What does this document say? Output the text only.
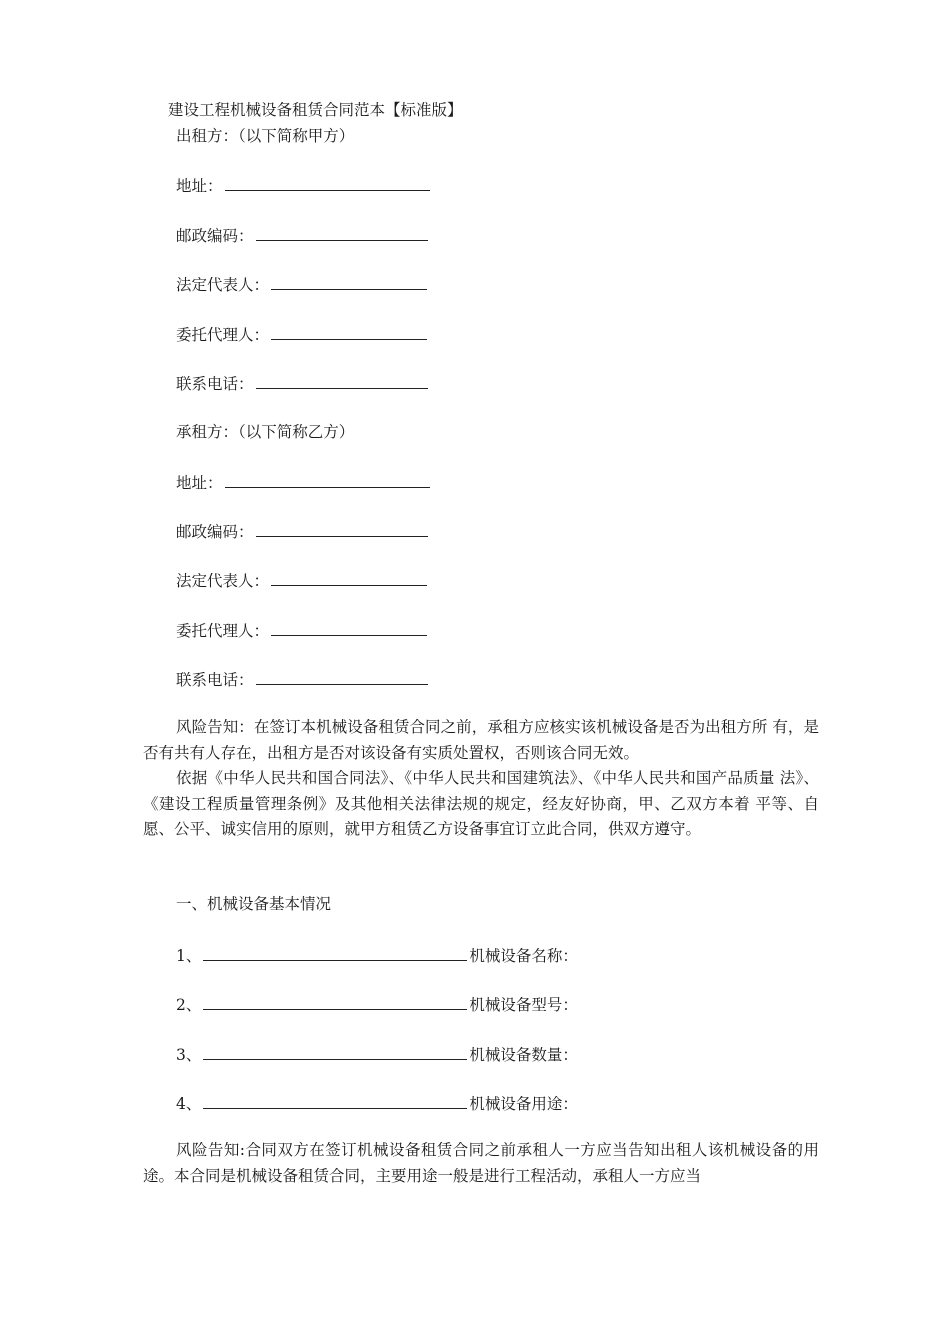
建设工程机械设备租赁合同范本【标准版】
出租方：（以下简称甲方）
地址：
邮政编码：
法定代表人：
委托代理人：
联系电话：
承租方：（以下简称乙方）
地址：
邮政编码：
法定代表人：
委托代理人：
联系电话：
风险告知：在签订本机械设备租赁合同之前，承租方应核实该机械设备是否为出租方所 有，是否有共有人存在，出租方是否对该设备有实质处置权，否则该合同无效。
依据《中华人民共和国合同法》、《中华人民共和国建筑法》、《中华人民共和国产品质量 法》、《建设工程质量管理条例》及其他相关法律法规的规定，经友好协商，甲、乙双方本着 平等、自愿、公平、诚实信用的原则，就甲方租赁乙方设备事宜订立此合同，供双方遵守。
一、机械设备基本情况
1、	机械设备名称：
2、	机械设备型号：
3、	机械设备数量：
4、	机械设备用途：
风险告知:合同双方在签订机械设备租赁合同之前承租人一方应当告知出租人该机械设备的用途。本合同是机械设备租赁合同，主要用途一般是进行工程活动，承租人一方应当
